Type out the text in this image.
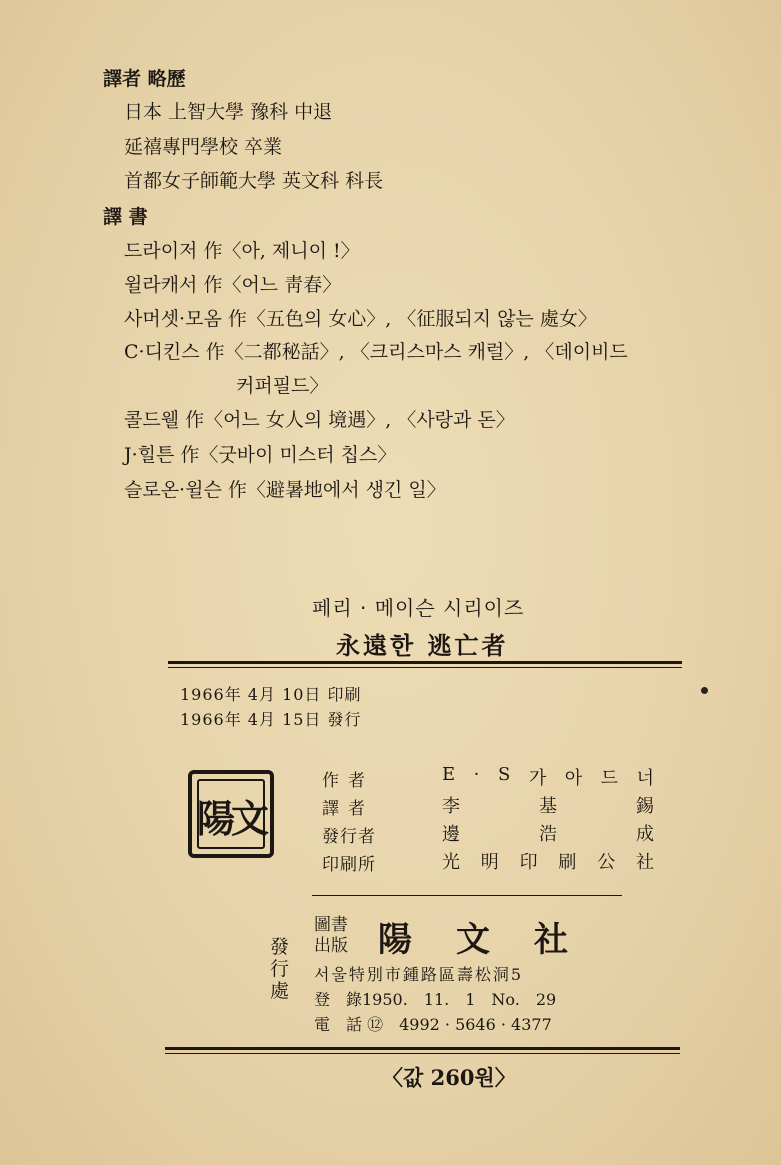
譯者 略歷
日本 上智大學 豫科 中退
延禧專門學校 卒業
首都女子師範大學 英文科 科長
譯 書
드라이저 作〈아, 제니이 !〉
윌라캐서 作〈어느 靑春〉
사머셋·모옴 作〈五色의 女心〉, 〈征服되지 않는 處女〉
C·디킨스 作〈二都秘話〉, 〈크리스마스 캐럴〉, 〈데이비드
커퍼필드〉
콜드웰 作〈어느 女人의 境遇〉, 〈사랑과 돈〉
J·힐튼 作〈굿바이 미스터 칩스〉
슬로온·윌슨 作〈避暑地에서 생긴 일〉
페리 · 메이슨 시리이즈
永遠한 逃亡者
1966年 4月 10日 印刷
1966年 4月 15日 發行
陽文
作者	E · S 가 아 드 너
譯者	李	基	錫
發行者	邊	浩	成
印刷所	光 明 印 刷 公 社
發行處
圖書
出版 陽文社
서울特別市鍾路區壽松洞5
登　錄1950.　11.　1　No.　29
電　話 ⑫　4992 · 5646 · 4377
〈값 260원〉
